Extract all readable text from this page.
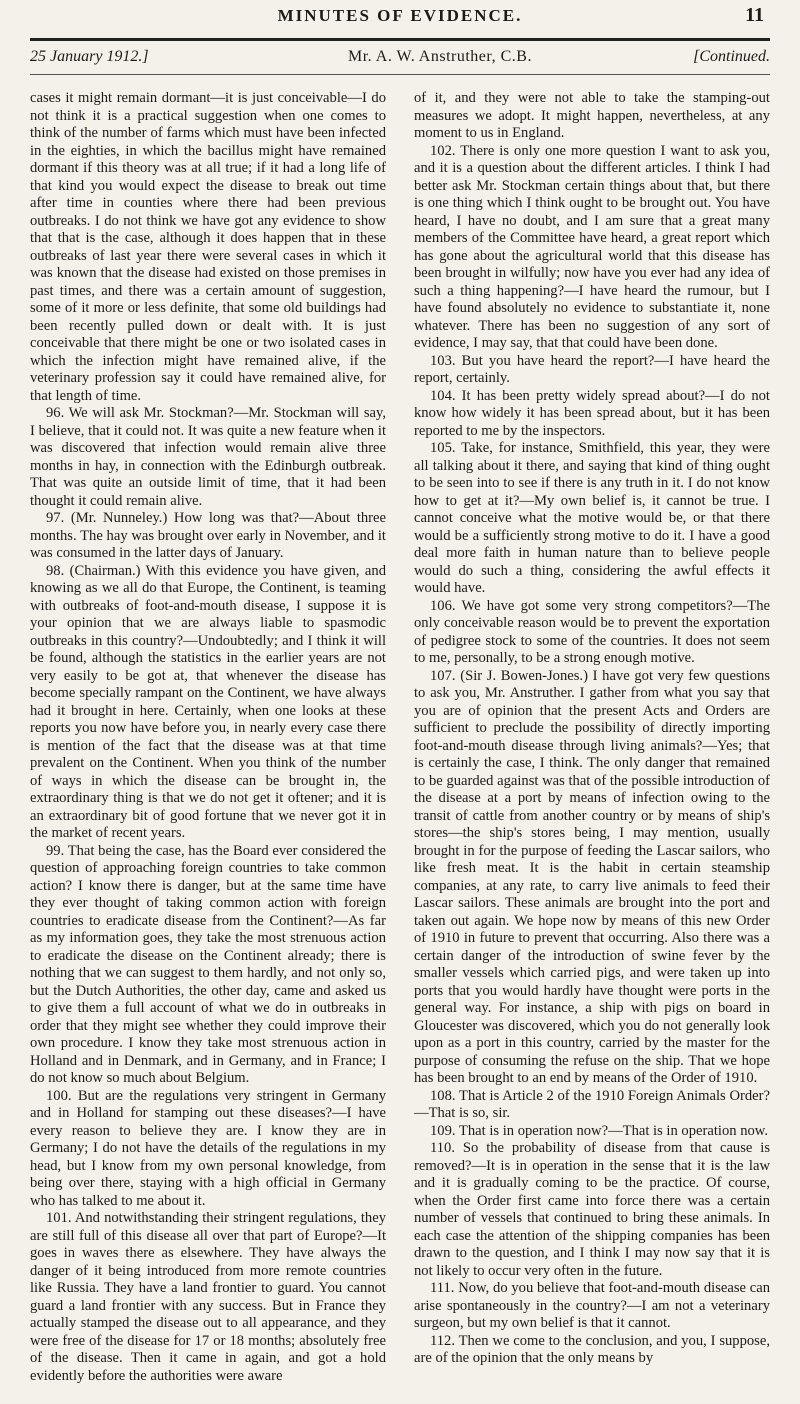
MINUTES OF EVIDENCE.	11
25 January 1912.]	Mr. A. W. Anstruther, C.B.	[Continued.

cases it might remain dormant—it is just conceivable—I do not think it is a practical suggestion when one comes to think of the number of farms which must have been infected in the eighties, in which the bacillus might have remained dormant if this theory was at all true; if it had a long life of that kind you would expect the disease to break out time after time in counties where there had been previous outbreaks. I do not think we have got any evidence to show that that is the case, although it does happen that in these outbreaks of last year there were several cases in which it was known that the disease had existed on those premises in past times, and there was a certain amount of suggestion, some of it more or less definite, that some old buildings had been recently pulled down or dealt with. It is just conceivable that there might be one or two isolated cases in which the infection might have remained alive, if the veterinary profession say it could have remained alive, for that length of time.

96. We will ask Mr. Stockman?—Mr. Stockman will say, I believe, that it could not. It was quite a new feature when it was discovered that infection would remain alive three months in hay, in connection with the Edinburgh outbreak. That was quite an outside limit of time, that it had been thought it could remain alive.

97. (Mr. Nunneley.) How long was that?—About three months. The hay was brought over early in November, and it was consumed in the latter days of January.

98. (Chairman.) With this evidence you have given, and knowing as we all do that Europe, the Continent, is teaming with outbreaks of foot-and-mouth disease, I suppose it is your opinion that we are always liable to spasmodic outbreaks in this country?—Undoubtedly; and I think it will be found, although the statistics in the earlier years are not very easily to be got at, that whenever the disease has become specially rampant on the Continent, we have always had it brought in here. Certainly, when one looks at these reports you now have before you, in nearly every case there is mention of the fact that the disease was at that time prevalent on the Continent. When you think of the number of ways in which the disease can be brought in, the extraordinary thing is that we do not get it oftener; and it is an extraordinary bit of good fortune that we never got it in the market of recent years.

99. That being the case, has the Board ever considered the question of approaching foreign countries to take common action? I know there is danger, but at the same time have they ever thought of taking common action with foreign countries to eradicate disease from the Continent?—As far as my information goes, they take the most strenuous action to eradicate the disease on the Continent already; there is nothing that we can suggest to them hardly, and not only so, but the Dutch Authorities, the other day, came and asked us to give them a full account of what we do in outbreaks in order that they might see whether they could improve their own procedure. I know they take most strenuous action in Holland and in Denmark, and in Germany, and in France; I do not know so much about Belgium.

100. But are the regulations very stringent in Germany and in Holland for stamping out these diseases?—I have every reason to believe they are. I know they are in Germany; I do not have the details of the regulations in my head, but I know from my own personal knowledge, from being over there, staying with a high official in Germany who has talked to me about it.

101. And notwithstanding their stringent regulations, they are still full of this disease all over that part of Europe?—It goes in waves there as elsewhere. They have always the danger of it being introduced from more remote countries like Russia. They have a land frontier to guard. You cannot guard a land frontier with any success. But in France they actually stamped the disease out to all appearance, and they were free of the disease for 17 or 18 months; absolutely free of the disease. Then it came in again, and got a hold evidently before the authorities were aware

of it, and they were not able to take the stamping-out measures we adopt. It might happen, nevertheless, at any moment to us in England.

102. There is only one more question I want to ask you, and it is a question about the different articles. I think I had better ask Mr. Stockman certain things about that, but there is one thing which I think ought to be brought out. You have heard, I have no doubt, and I am sure that a great many members of the Committee have heard, a great report which has gone about the agricultural world that this disease has been brought in wilfully; now have you ever had any idea of such a thing happening?—I have heard the rumour, but I have found absolutely no evidence to substantiate it, none whatever. There has been no suggestion of any sort of evidence, I may say, that that could have been done.

103. But you have heard the report?—I have heard the report, certainly.

104. It has been pretty widely spread about?—I do not know how widely it has been spread about, but it has been reported to me by the inspectors.

105. Take, for instance, Smithfield, this year, they were all talking about it there, and saying that kind of thing ought to be seen into to see if there is any truth in it. I do not know how to get at it?—My own belief is, it cannot be true. I cannot conceive what the motive would be, or that there would be a sufficiently strong motive to do it. I have a good deal more faith in human nature than to believe people would do such a thing, considering the awful effects it would have.

106. We have got some very strong competitors?—The only conceivable reason would be to prevent the exportation of pedigree stock to some of the countries. It does not seem to me, personally, to be a strong enough motive.

107. (Sir J. Bowen-Jones.) I have got very few questions to ask you, Mr. Anstruther. I gather from what you say that you are of opinion that the present Acts and Orders are sufficient to preclude the possibility of directly importing foot-and-mouth disease through living animals?—Yes; that is certainly the case, I think. The only danger that remained to be guarded against was that of the possible introduction of the disease at a port by means of infection owing to the transit of cattle from another country or by means of ship's stores—the ship's stores being, I may mention, usually brought in for the purpose of feeding the Lascar sailors, who like fresh meat. It is the habit in certain steamship companies, at any rate, to carry live animals to feed their Lascar sailors. These animals are brought into the port and taken out again. We hope now by means of this new Order of 1910 in future to prevent that occurring. Also there was a certain danger of the introduction of swine fever by the smaller vessels which carried pigs, and were taken up into ports that you would hardly have thought were ports in the general way. For instance, a ship with pigs on board in Gloucester was discovered, which you do not generally look upon as a port in this country, carried by the master for the purpose of consuming the refuse on the ship. That we hope has been brought to an end by means of the Order of 1910.

108. That is Article 2 of the 1910 Foreign Animals Order?—That is so, sir.

109. That is in operation now?—That is in operation now.

110. So the probability of disease from that cause is removed?—It is in operation in the sense that it is the law and it is gradually coming to be the practice. Of course, when the Order first came into force there was a certain number of vessels that continued to bring these animals. In each case the attention of the shipping companies has been drawn to the question, and I think I may now say that it is not likely to occur very often in the future.

111. Now, do you believe that foot-and-mouth disease can arise spontaneously in the country?—I am not a veterinary surgeon, but my own belief is that it cannot.

112. Then we come to the conclusion, and you, I suppose, are of the opinion that the only means by
